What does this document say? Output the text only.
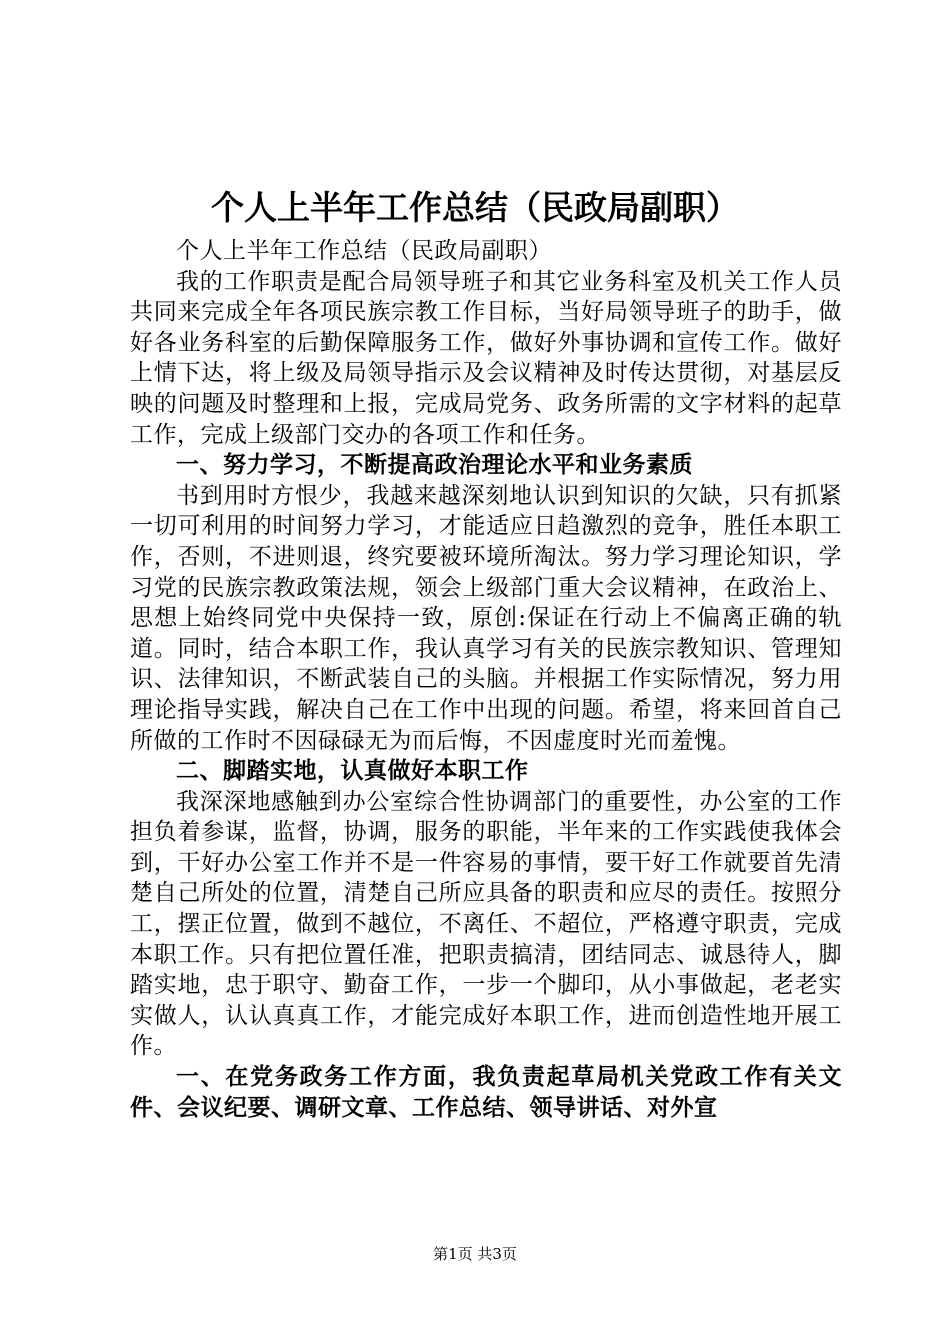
个人上半年工作总结（民政局副职）

个人上半年工作总结（民政局副职）

我的工作职责是配合局领导班子和其它业务科室及机关工作人员共同来完成全年各项民族宗教工作目标，当好局领导班子的助手，做好各业务科室的后勤保障服务工作，做好外事协调和宣传工作。做好上情下达，将上级及局领导指示及会议精神及时传达贯彻，对基层反映的问题及时整理和上报，完成局党务、政务所需的文字材料的起草工作，完成上级部门交办的各项工作和任务。

一、努力学习，不断提高政治理论水平和业务素质

书到用时方恨少，我越来越深刻地认识到知识的欠缺，只有抓紧一切可利用的时间努力学习，才能适应日趋激烈的竞争，胜任本职工作，否则，不进则退，终究要被环境所淘汰。努力学习理论知识，学习党的民族宗教政策法规，领会上级部门重大会议精神，在政治上、思想上始终同党中央保持一致，原创:保证在行动上不偏离正确的轨道。同时，结合本职工作，我认真学习有关的民族宗教知识、管理知识、法律知识，不断武装自己的头脑。并根据工作实际情况，努力用理论指导实践，解决自己在工作中出现的问题。希望，将来回首自己所做的工作时不因碌碌无为而后悔，不因虚度时光而羞愧。

二、脚踏实地，认真做好本职工作

我深深地感触到办公室综合性协调部门的重要性，办公室的工作担负着参谋，监督，协调，服务的职能，半年来的工作实践使我体会到，干好办公室工作并不是一件容易的事情，要干好工作就要首先清楚自己所处的位置，清楚自己所应具备的职责和应尽的责任。按照分工，摆正位置，做到不越位，不离任、不超位，严格遵守职责，完成本职工作。只有把位置任准，把职责搞清，团结同志、诚恳待人，脚踏实地，忠于职守、勤奋工作，一步一个脚印，从小事做起，老老实实做人，认认真真工作，才能完成好本职工作，进而创造性地开展工作。

一、在党务政务工作方面，我负责起草局机关党政工作有关文件、会议纪要、调研文章、工作总结、领导讲话、对外宣

第1页 共3页
